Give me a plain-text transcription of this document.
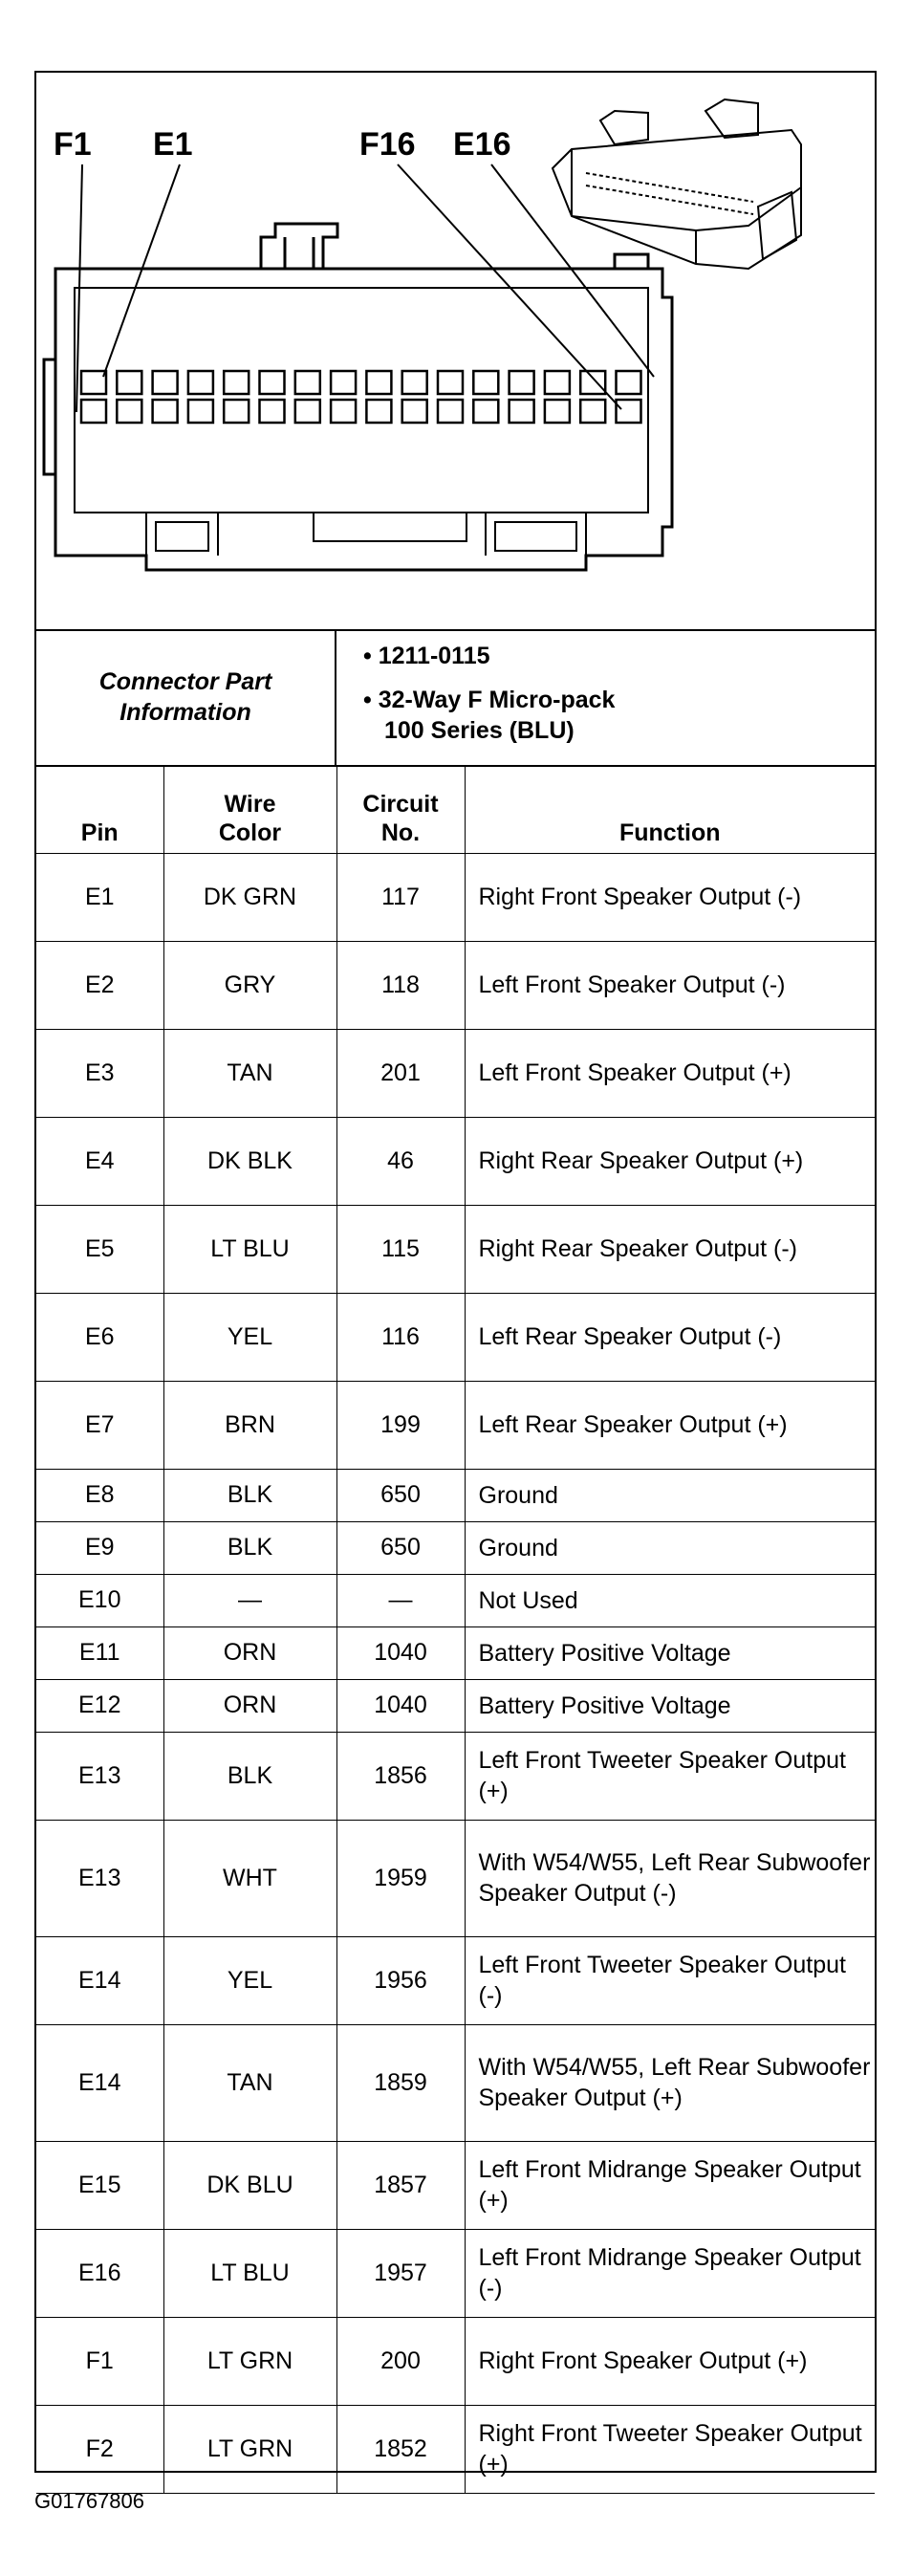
F1 E1	F16 E16
Connector Part Information
• 1211-0115
• 32-Way F Micro-pack
100 Series (BLU)
Pin	Wire Color	Circuit No.	Function
E1	DK GRN	117	Right Front Speaker Output (-)
E2	GRY	118	Left Front Speaker Output (-)
E3	TAN	201	Left Front Speaker Output (+)
E4	DK BLK	46	Right Rear Speaker Output (+)
E5	LT BLU	115	Right Rear Speaker Output (-)
E6	YEL	116	Left Rear Speaker Output (-)
E7	BRN	199	Left Rear Speaker Output (+)
E8	BLK	650	Ground
E9	BLK	650	Ground
E10	—	—	Not Used
E11	ORN	1040	Battery Positive Voltage
E12	ORN	1040	Battery Positive Voltage
E13	BLK	1856	Left Front Tweeter Speaker Output (+)
E13	WHT	1959	With W54/W55, Left Rear Subwoofer Speaker Output (-)
E14	YEL	1956	Left Front Tweeter Speaker Output (-)
E14	TAN	1859	With W54/W55, Left Rear Subwoofer Speaker Output (+)
E15	DK BLU	1857	Left Front Midrange Speaker Output (+)
E16	LT BLU	1957	Left Front Midrange Speaker Output (-)
F1	LT GRN	200	Right Front Speaker Output (+)
F2	LT GRN	1852	Right Front Tweeter Speaker Output (+)
G01767806
